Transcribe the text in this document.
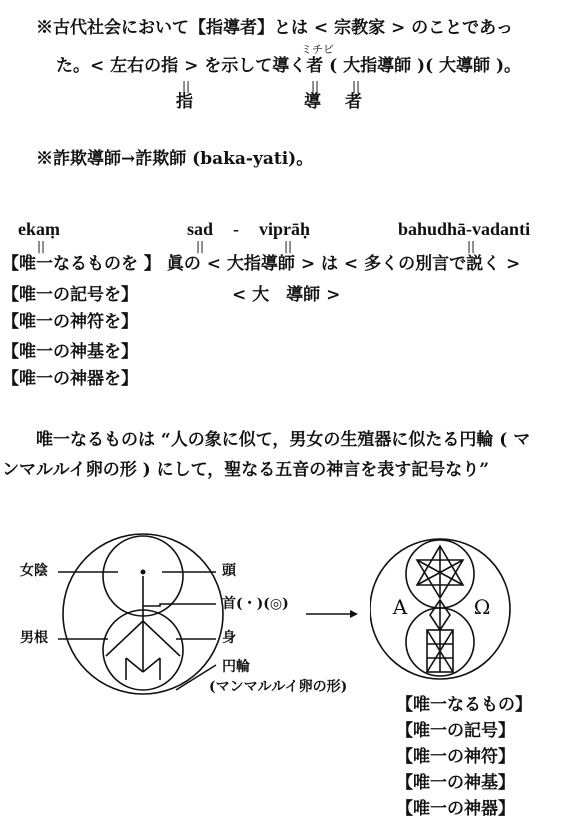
※古代社会において【指導者】とは < 宗教家 > のことであっ
ミチビ
た。< 左右の指 > を示して導く者 ( 大指導師 )( 大導師 )。
||	||	||
指	導 者
※詐欺導師→詐欺師 (baka-yati)。
ekaṃ	sad - viprāḥ	bahudhā-vadanti
||	||	||	||
【唯一なるものを 】 眞の < 大指導師 > は < 多くの別言で説く >
【唯一の記号を】	< 大　導師 >
【唯一の神符を】
【唯一の神基を】
【唯一の神器を】
唯一なるものは “人の象に似て，男女の生殖器に似たる円輪 ( マ
ンマルルイ卵の形 ) にして，聖なる五音の神言を表す記号なり”
女陰
男根
頭
首(・)(◎)
身
円輪
(マンマルルイ卵の形)
A	Ω
【唯一なるもの】
【唯一の記号】
【唯一の神符】
【唯一の神基】
【唯一の神器】
